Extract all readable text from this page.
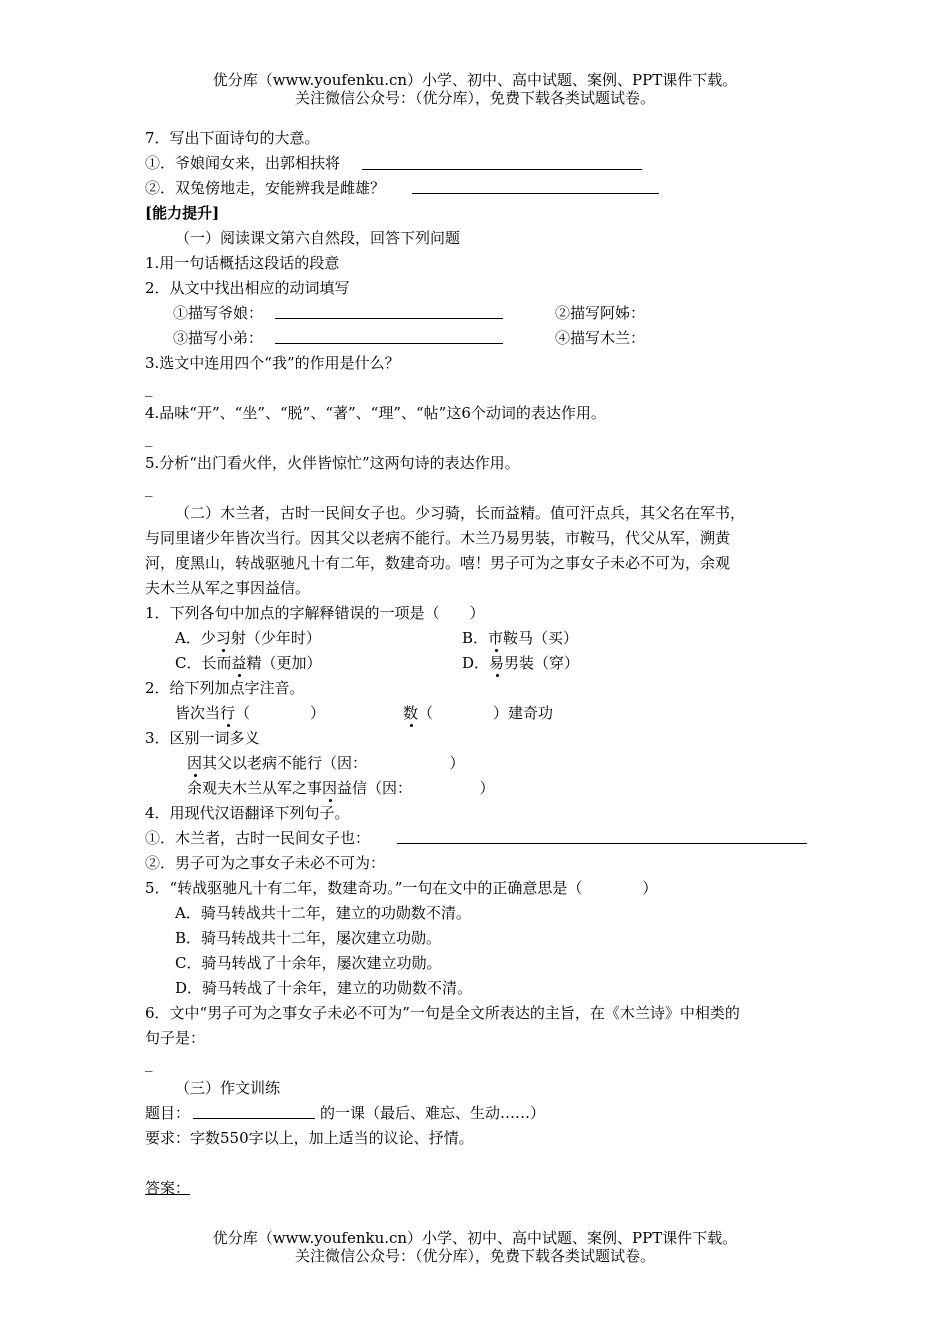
优分库（www.youfenku.cn）小学、初中、高中试题、案例、PPT课件下载。
关注微信公众号：（优分库），免费下载各类试题试卷。
7．写出下面诗句的大意。
①．爷娘闻女来，出郭相扶将
②．双兔傍地走，安能辨我是雌雄？
[能力提升]
（一）阅读课文第六自然段，回答下列问题
1.用一句话概括这段话的段意
2．从文中找出相应的动词填写
①描写爷娘：	②描写阿姊：
③描写小弟：	④描写木兰：
3.选文中连用四个“我”的作用是什么？
_
4.品味“开”、“坐”、“脱”、“著”、“理”、“帖”这6个动词的表达作用。
_
5.分析“出门看火伴，火伴皆惊忙”这两句诗的表达作用。
_
（二）木兰者，古时一民间女子也。少习骑，长而益精。值可汗点兵，其父名在军书，
与同里诸少年皆次当行。因其父以老病不能行。木兰乃易男装，市鞍马，代父从军，溯黄
河，度黑山，转战驱驰凡十有二年，数建奇功。嘻！男子可为之事女子未必不可为，余观
夫木兰从军之事因益信。
1．下列各句中加点的字解释错误的一项是（　　）
A．少习射（少年时）	B．市鞍马（买）
C．长而益精（更加）	D．易男装（穿）
2．给下列加点字注音。
皆次当行（　　　　）	数（　　　　）建奇功
3．区别一词多义
因其父以老病不能行（因：　　　　　　）
余观夫木兰从军之事因益信（因：　　　　　）
4．用现代汉语翻译下列句子。
①．木兰者，古时一民间女子也：
②．男子可为之事女子未必不可为：
5．“转战驱驰凡十有二年，数建奇功。”一句在文中的正确意思是（　　　　）
A．骑马转战共十二年，建立的功勋数不清。
B．骑马转战共十二年，屡次建立功勋。
C．骑马转战了十余年，屡次建立功勋。
D．骑马转战了十余年，建立的功勋数不清。
6．文中“男子可为之事女子未必不可为”一句是全文所表达的主旨，在《木兰诗》中相类的
句子是：
_
（三）作文训练
题目：	的一课（最后、难忘、生动……）
要求：字数550字以上，加上适当的议论、抒情。
答案：
优分库（www.youfenku.cn）小学、初中、高中试题、案例、PPT课件下载。
关注微信公众号：（优分库），免费下载各类试题试卷。
